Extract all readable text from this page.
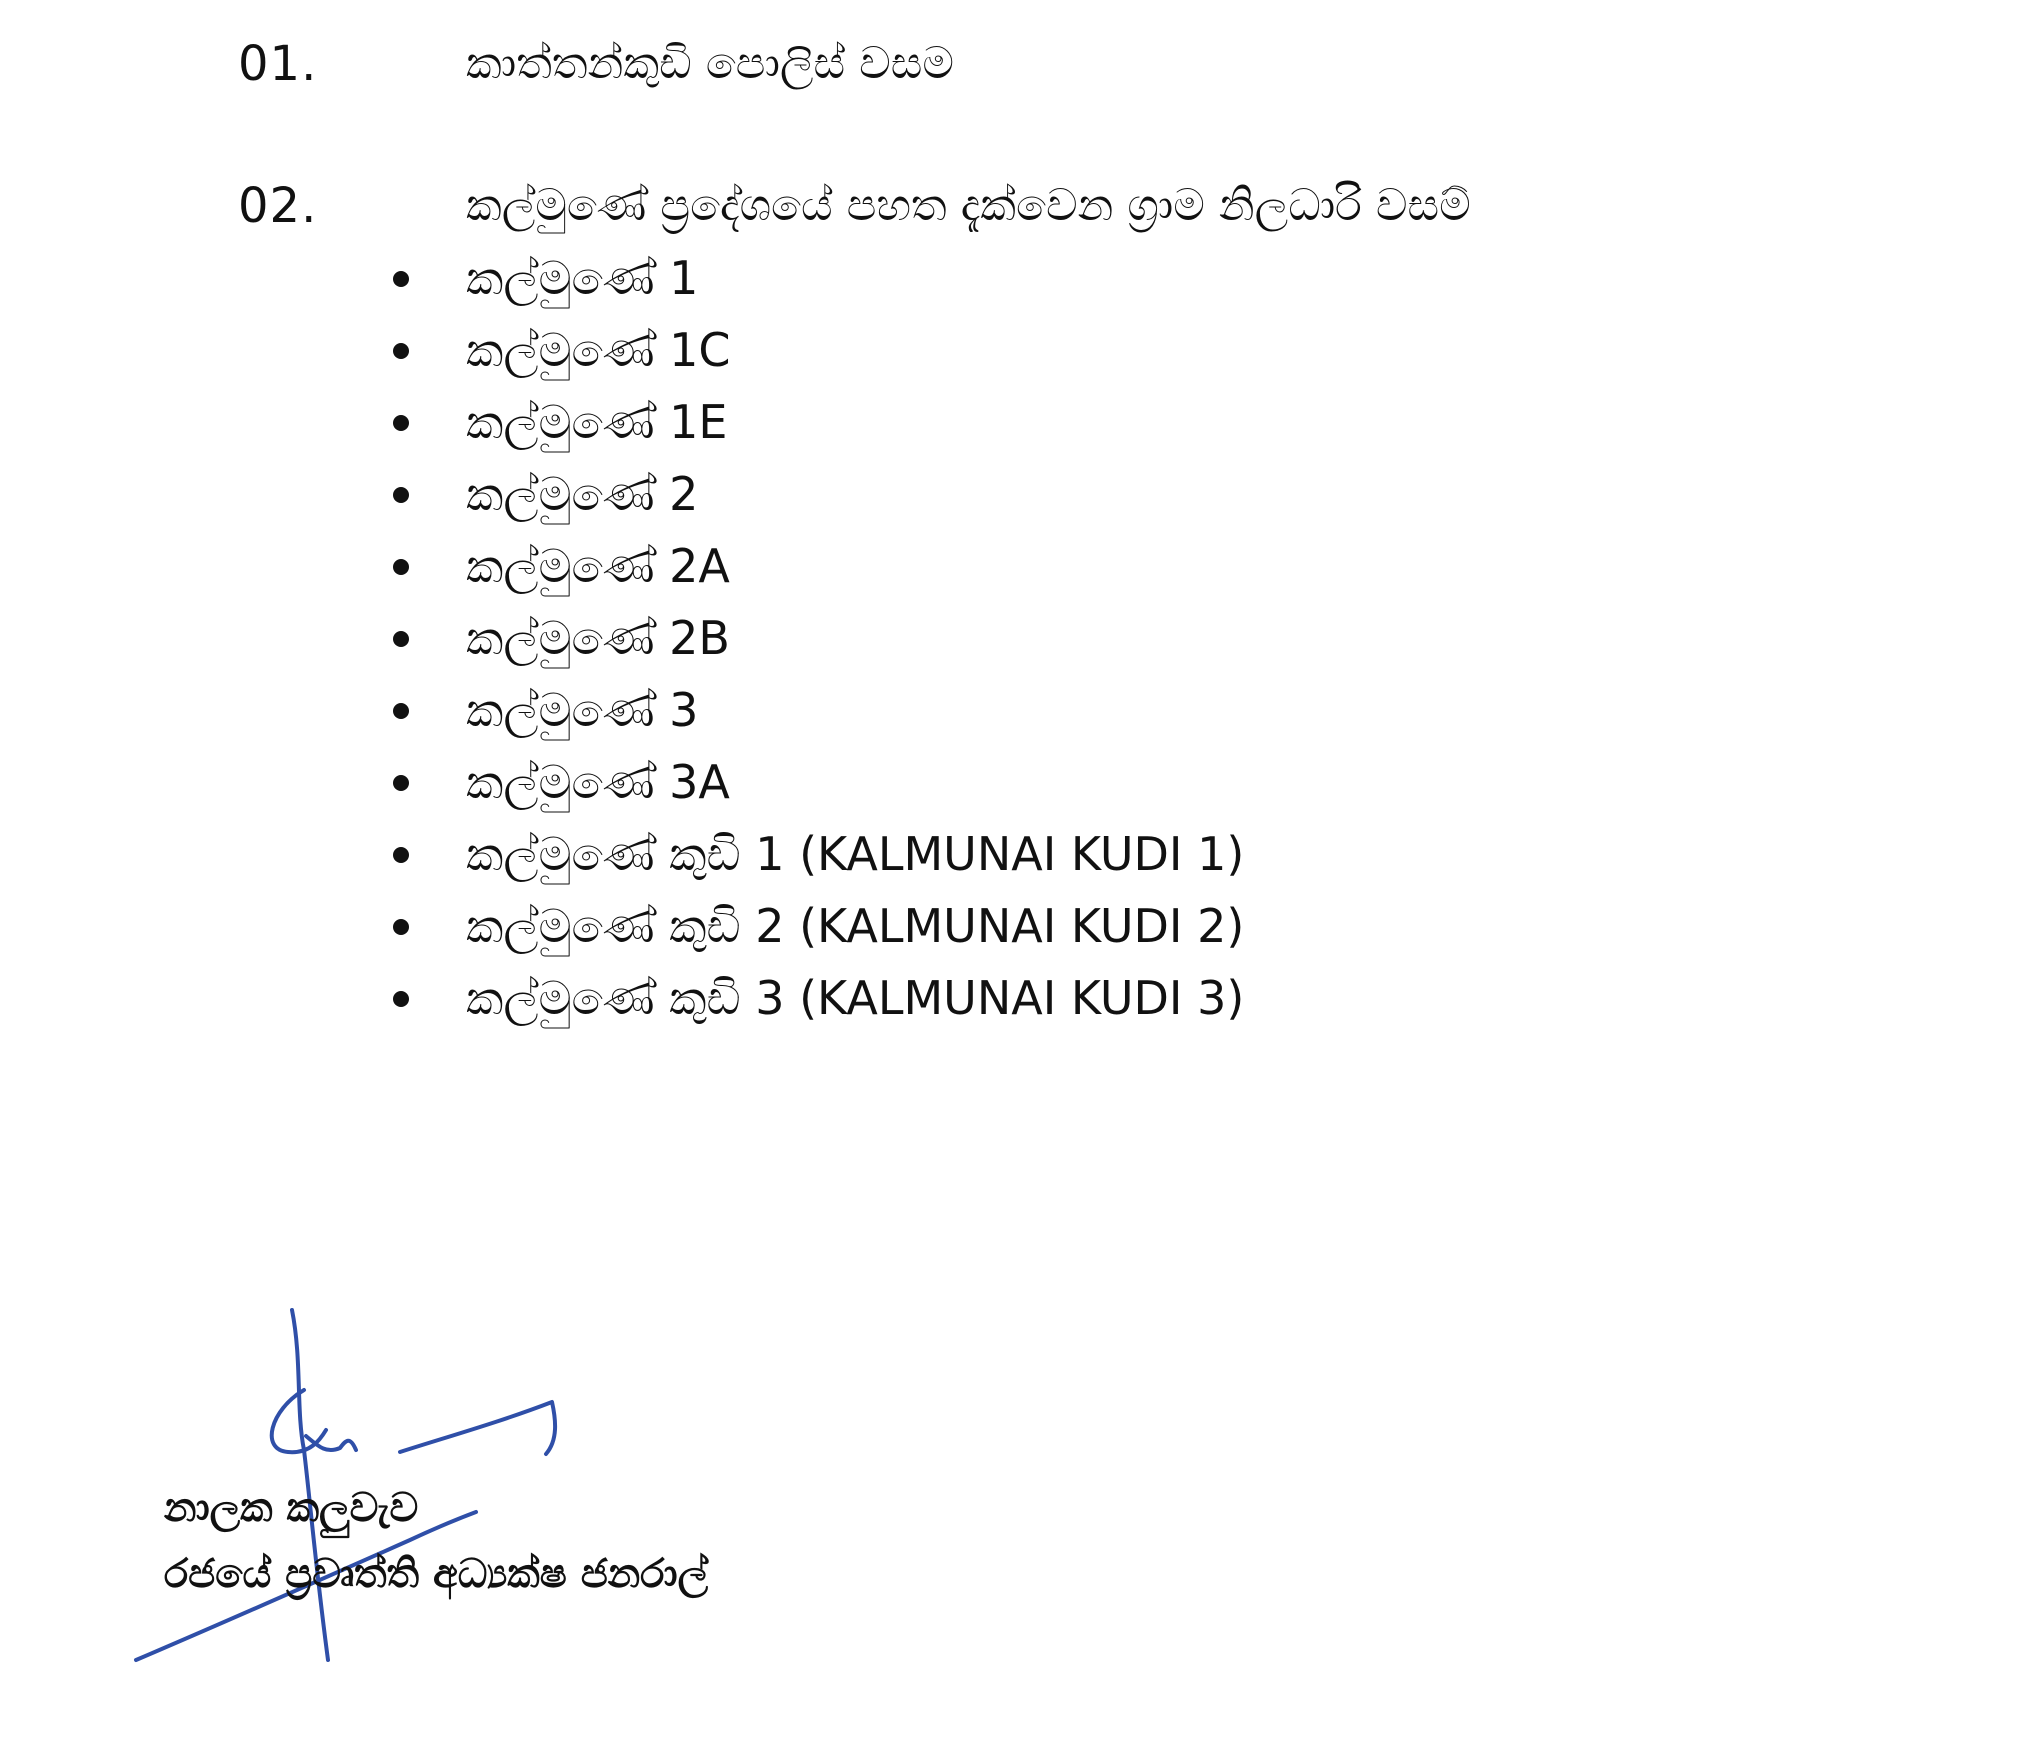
01.	කාත්තන්කුඩි පොලිස් වසම
02.	කල්මුණේ ප්‍රදේශයේ පහත දැක්වෙන ග්‍රාම නිලධාරි වසම්
කල්මුණේ 1
කල්මුණේ 1C
කල්මුණේ 1E
කල්මුණේ 2
කල්මුණේ 2A
කල්මුණේ 2B
කල්මුණේ 3
කල්මුණේ 3A
කල්මුණේ කුඩි 1 (KALMUNAI KUDI 1)
කල්මුණේ කුඩි 2 (KALMUNAI KUDI 2)
කල්මුණේ කුඩි 3 (KALMUNAI KUDI 3)
නාලක කලුවැව
රජයේ ප්‍රවෘත්ති අධ්‍යක්ෂ ජනරාල්
